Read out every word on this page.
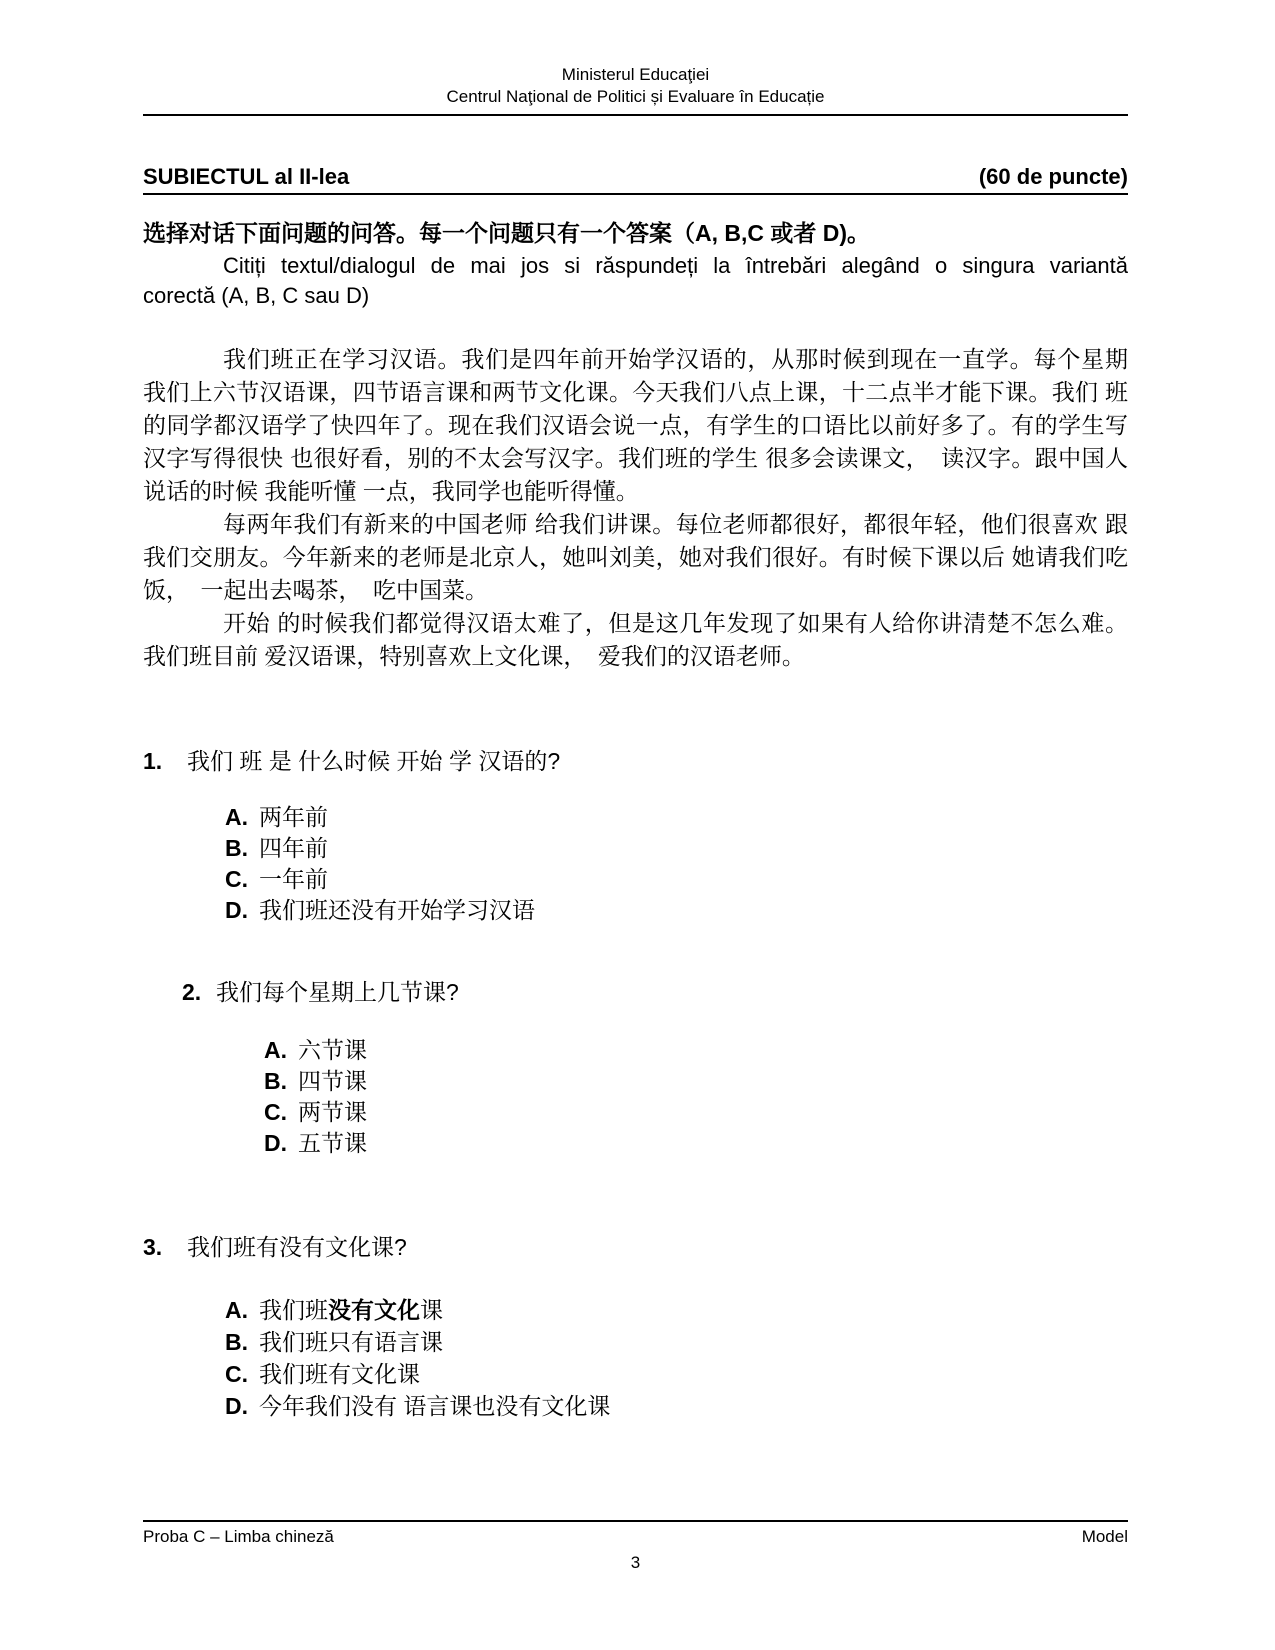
Ministerul Educaţiei
Centrul Naţional de Politici și Evaluare în Educație
SUBIECTUL al II-lea	(60 de puncte)
选择对话下面问题的问答。每一个问题只有一个答案（A, B,C 或者 D)。
Citiți textul/dialogul de mai jos si răspundeți la întrebări alegând o singura variantă
corectă (A, B, C sau D)
我们班正在学习汉语。我们是四年前开始学汉语的，从那时候到现在一直学。每个星期
我们上六节汉语课，四节语言课和两节文化课。今天我们八点上课，十二点半才能下课。我们 班
的同学都汉语学了快四年了。现在我们汉语会说一点，有学生的口语比以前好多了。有的学生写
汉字写得很快 也很好看，别的不太会写汉字。我们班的学生 很多会读课文，　读汉字。跟中国人
说话的时候 我能听懂 一点，我同学也能听得懂。
每两年我们有新来的中国老师 给我们讲课。每位老师都很好，都很年轻，他们很喜欢 跟
我们交朋友。今年新来的老师是北京人，她叫刘美，她对我们很好。有时候下课以后 她请我们吃
饭，　一起出去喝茶，　吃中国菜。
开始 的时候我们都觉得汉语太难了，但是这几年发现了如果有人给你讲清楚不怎么难。
我们班目前 爱汉语课，特别喜欢上文化课，　爱我们的汉语老师。
1. 我们 班 是 什么时候 开始 学 汉语的?
A. 两年前
B. 四年前
C. 一年前
D. 我们班还没有开始学习汉语
2. 我们每个星期上几节课?
A. 六节课
B. 四节课
C. 两节课
D. 五节课
3. 我们班有没有文化课?
A. 我们班没有文化课
B. 我们班只有语言课
C. 我们班有文化课
D. 今年我们没有 语言课也没有文化课
Proba C – Limba chineză	Model
3
